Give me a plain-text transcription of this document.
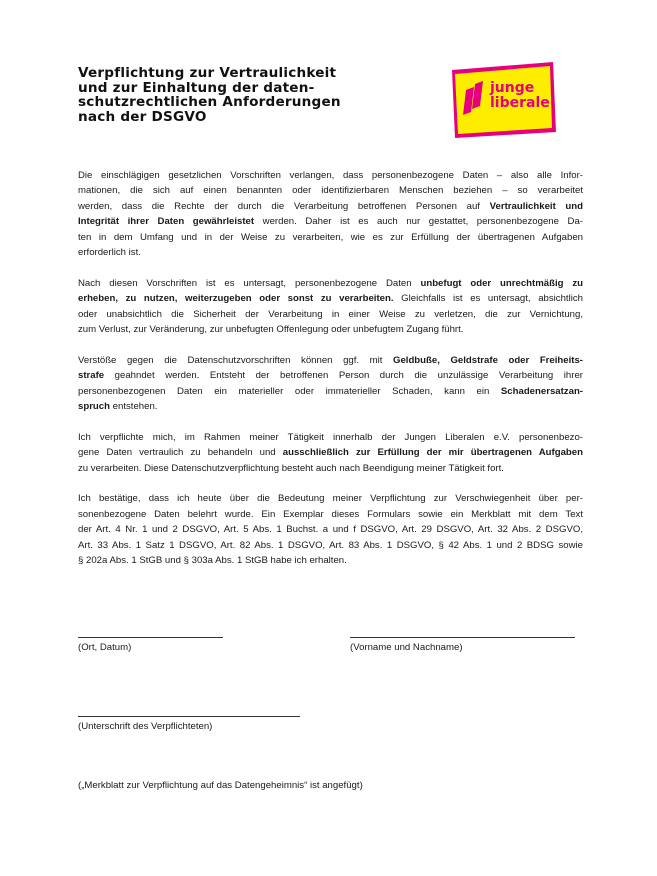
Verpflichtung zur Vertraulichkeit
und zur Einhaltung der daten-
schutzrechtlichen Anforderungen
nach der DSGVO
junge
liberale

Die einschlägigen gesetzlichen Vorschriften verlangen, dass personenbezogene Daten – also alle Infor-
mationen, die sich auf einen benannten oder identifizierbaren Menschen beziehen – so verarbeitet
werden, dass die Rechte der durch die Verarbeitung betroffenen Personen auf Vertraulichkeit und
Integrität ihrer Daten gewährleistet werden. Daher ist es auch nur gestattet, personenbezogene Da-
ten in dem Umfang und in der Weise zu verarbeiten, wie es zur Erfüllung der übertragenen Aufgaben
erforderlich ist.

Nach diesen Vorschriften ist es untersagt, personenbezogene Daten unbefugt oder unrechtmäßig zu
erheben, zu nutzen, weiterzugeben oder sonst zu verarbeiten. Gleichfalls ist es untersagt, absichtlich
oder unabsichtlich die Sicherheit der Verarbeitung in einer Weise zu verletzen, die zur Vernichtung,
zum Verlust, zur Veränderung, zur unbefugten Offenlegung oder unbefugtem Zugang führt.

Verstöße gegen die Datenschutzvorschriften können ggf. mit Geldbuße, Geldstrafe oder Freiheits-
strafe geahndet werden. Entsteht der betroffenen Person durch die unzulässige Verarbeitung ihrer
personenbezogenen Daten ein materieller oder immaterieller Schaden, kann ein Schadenersatzan-
spruch entstehen.

Ich verpflichte mich, im Rahmen meiner Tätigkeit innerhalb der Jungen Liberalen e.V. personenbezo-
gene Daten vertraulich zu behandeln und ausschließlich zur Erfüllung der mir übertragenen Aufgaben
zu verarbeiten. Diese Datenschutzverpflichtung besteht auch nach Beendigung meiner Tätigkeit fort.

Ich bestätige, dass ich heute über die Bedeutung meiner Verpflichtung zur Verschwiegenheit über per-
sonenbezogene Daten belehrt wurde. Ein Exemplar dieses Formulars sowie ein Merkblatt mit dem Text
der Art. 4 Nr. 1 und 2 DSGVO, Art. 5 Abs. 1 Buchst. a und f DSGVO, Art. 29 DSGVO, Art. 32 Abs. 2 DSGVO,
Art. 33 Abs. 1 Satz 1 DSGVO, Art. 82 Abs. 1 DSGVO, Art. 83 Abs. 1 DSGVO, § 42 Abs. 1 und 2 BDSG sowie
§ 202a Abs. 1 StGB und § 303a Abs. 1 StGB habe ich erhalten.

(Ort, Datum)	(Vorname und Nachname)
(Unterschrift des Verpflichteten)
(„Merkblatt zur Verpflichtung auf das Datengeheimnis“ ist angefügt)
